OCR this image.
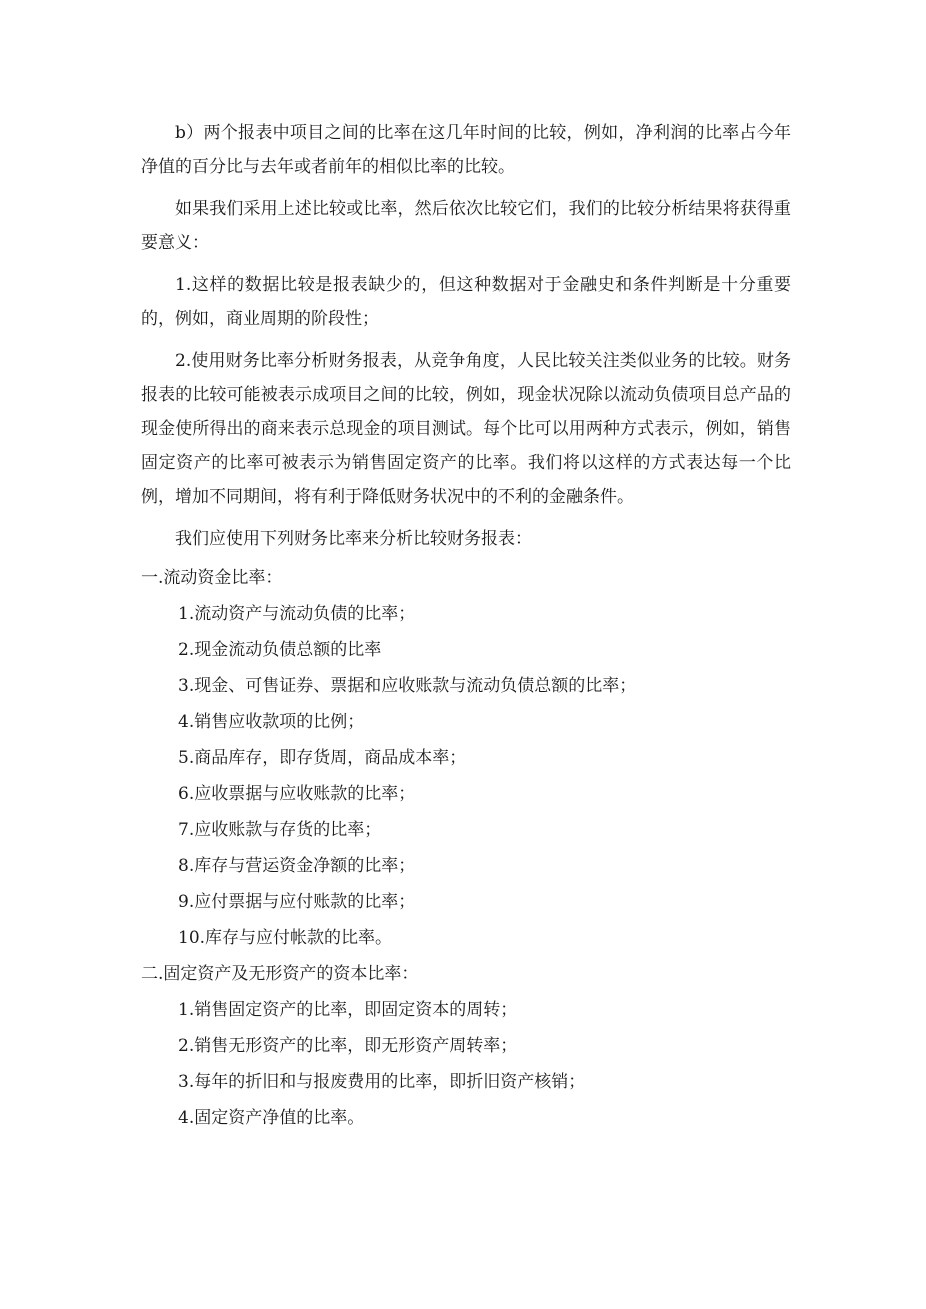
b）两个报表中项目之间的比率在这几年时间的比较，例如，净利润的比率占今年净值的百分比与去年或者前年的相似比率的比较。

如果我们采用上述比较或比率，然后依次比较它们，我们的比较分析结果将获得重要意义：

1.这样的数据比较是报表缺少的，但这种数据对于金融史和条件判断是十分重要的，例如，商业周期的阶段性；

2.使用财务比率分析财务报表，从竞争角度，人民比较关注类似业务的比较。财务报表的比较可能被表示成项目之间的比较，例如，现金状况除以流动负债项目总产品的现金使所得出的商来表示总现金的项目测试。每个比可以用两种方式表示，例如，销售固定资产的比率可被表示为销售固定资产的比率。我们将以这样的方式表达每一个比例，增加不同期间，将有利于降低财务状况中的不利的金融条件。

我们应使用下列财务比率来分析比较财务报表：

一.流动资金比率：
1.流动资产与流动负债的比率；
2.现金流动负债总额的比率
3.现金、可售证券、票据和应收账款与流动负债总额的比率；
4.销售应收款项的比例；
5.商品库存，即存货周，商品成本率；
6.应收票据与应收账款的比率；
7.应收账款与存货的比率；
8.库存与营运资金净额的比率；
9.应付票据与应付账款的比率；
10.库存与应付帐款的比率。
二.固定资产及无形资产的资本比率：
1.销售固定资产的比率，即固定资本的周转；
2.销售无形资产的比率，即无形资产周转率；
3.每年的折旧和与报废费用的比率，即折旧资产核销；
4.固定资产净值的比率。
